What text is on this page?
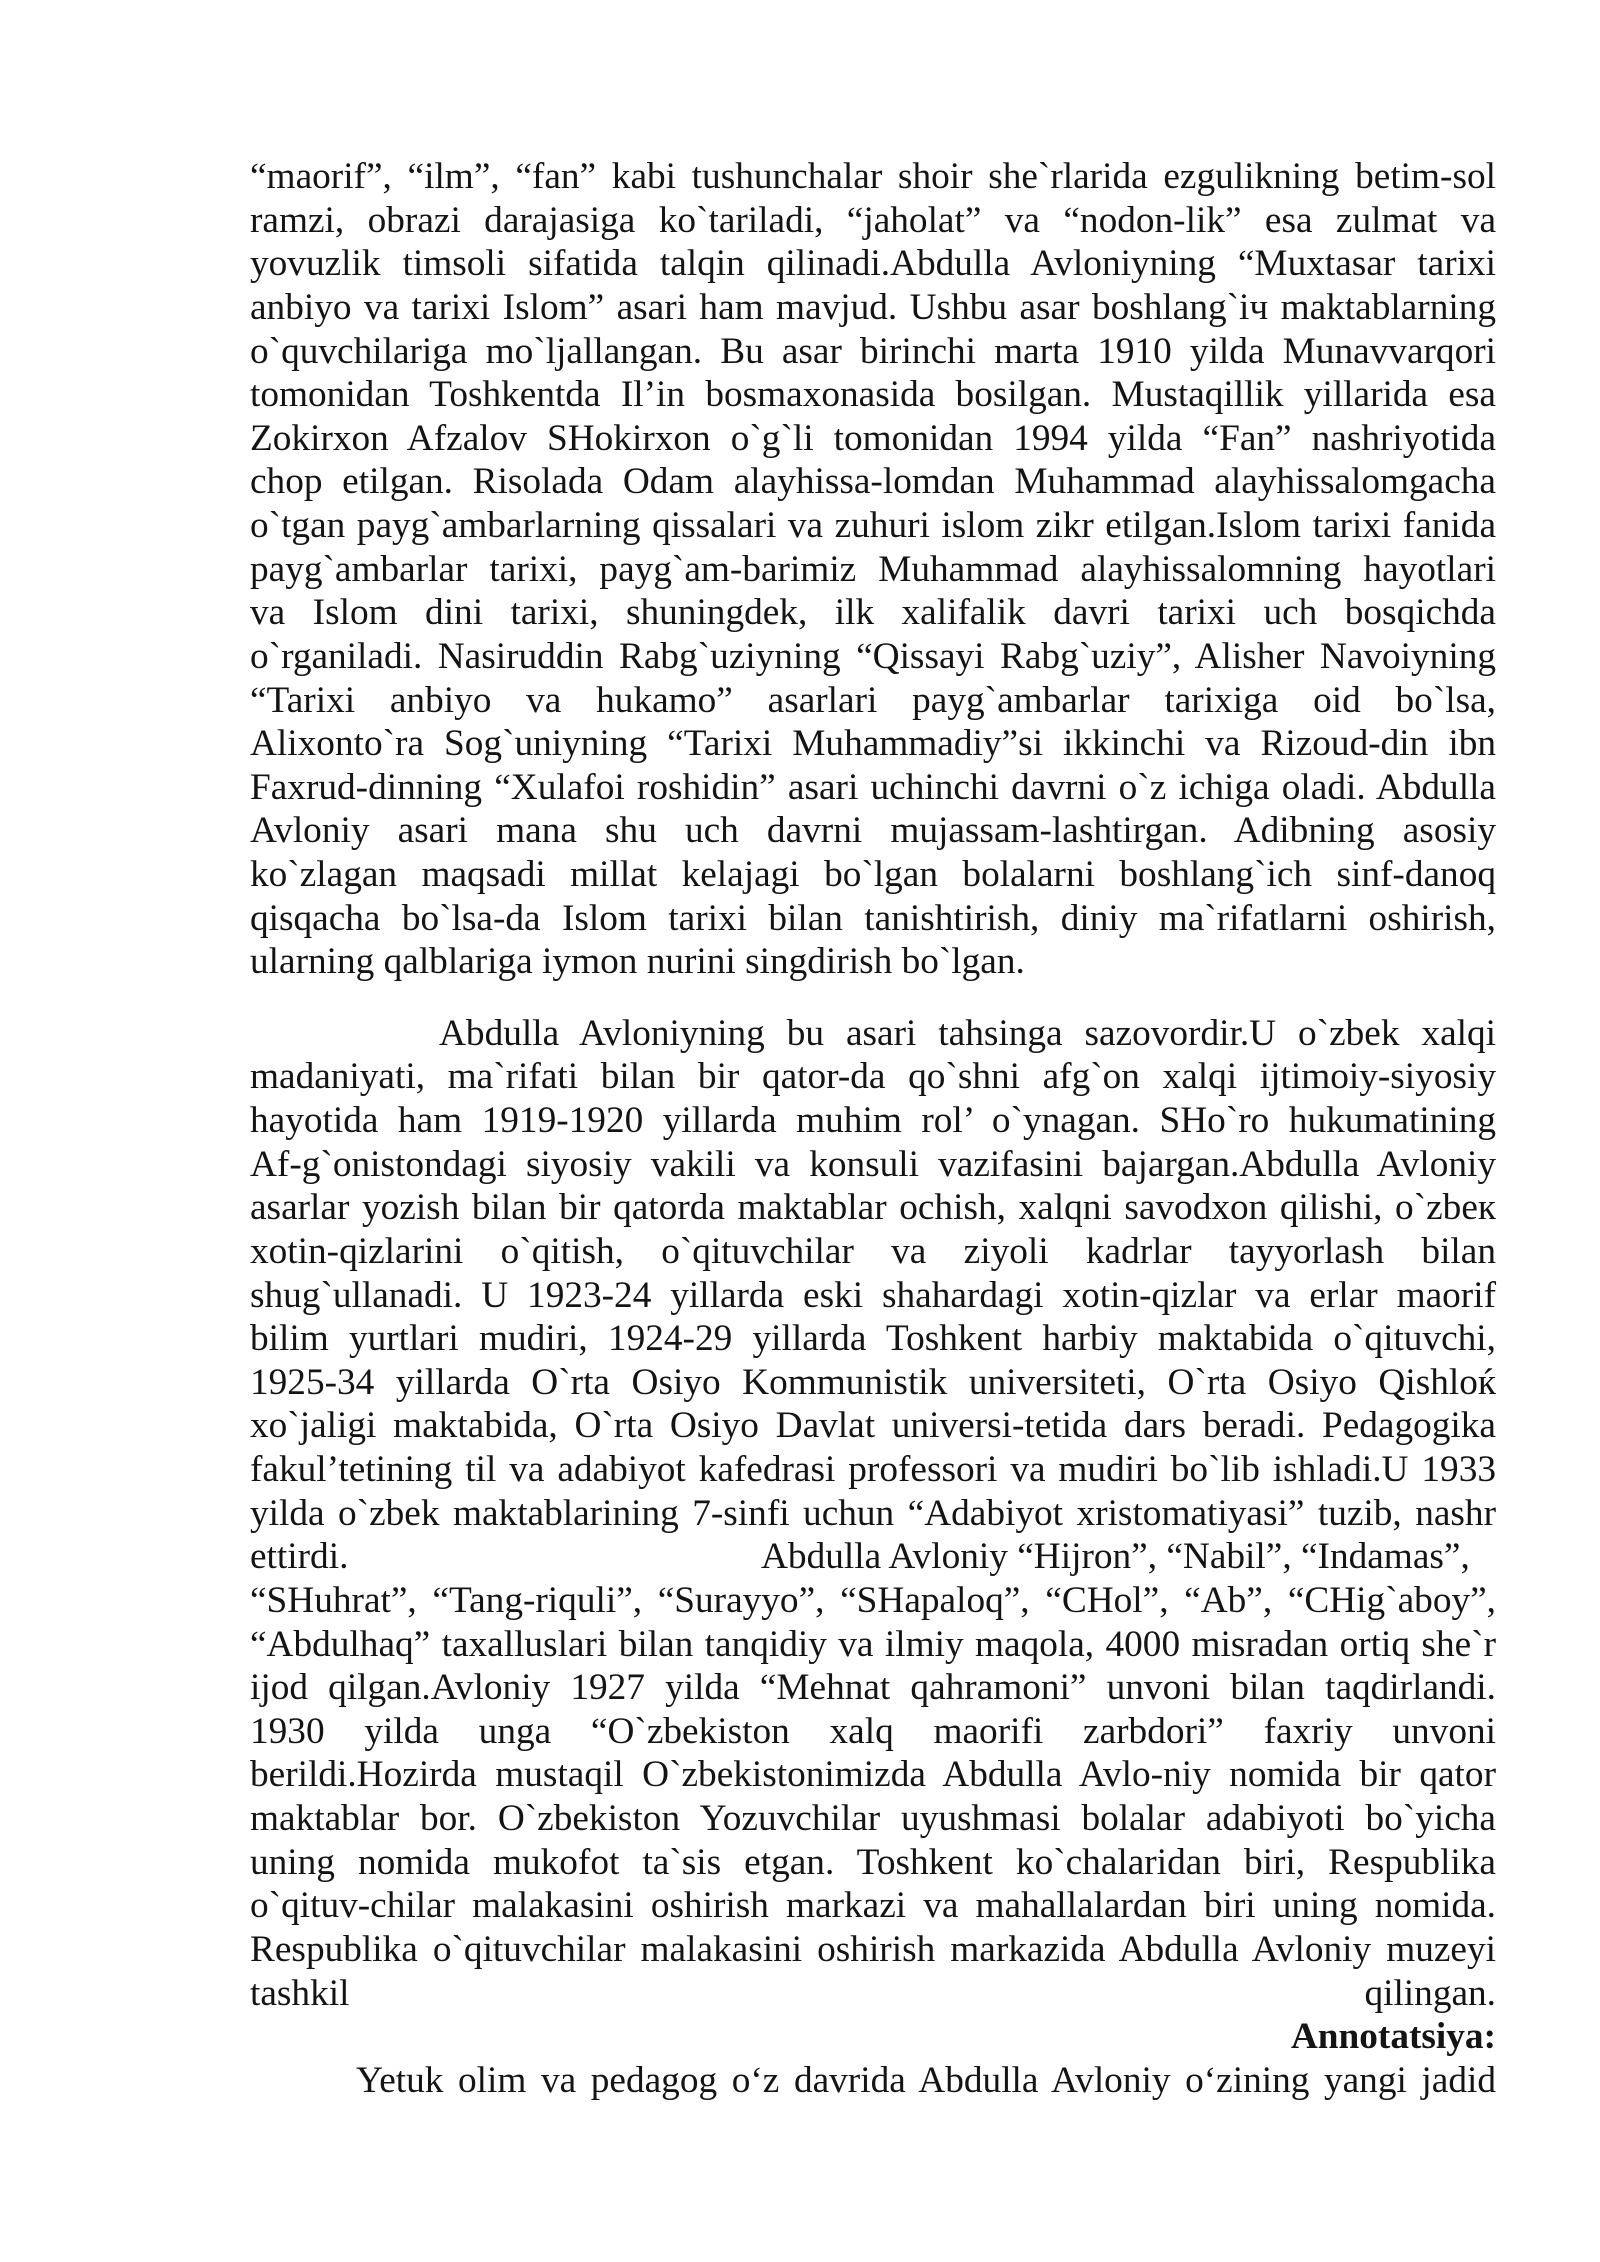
“maorif”, “ilm”, “fan” kabi tushunchalar shoir she`rlarida ezgulikning betim-sol
ramzi, obrazi darajasiga ko`tariladi, “jaholat” va “nodon-lik” esa zulmat va
yovuzlik timsoli sifatida talqin qilinadi.Abdulla Avloniyning “Muxtasar tarixi
anbiyo va tarixi Islom” asari ham mavjud. Ushbu asar boshlang`iч maktablarning
o`quvchilariga mo`ljallangan. Bu asar birinchi marta 1910 yilda Munavvarqori
tomonidan Toshkentda Il’in bosmaxonasida bosilgan. Mustaqillik yillarida esa
Zokirxon Afzalov SHokirxon o`g`li tomonidan 1994 yilda “Fan” nashriyotida
chop etilgan. Risolada Odam alayhissa-lomdan Muhammad alayhissalomgacha
o`tgan payg`ambarlarning qissalari va zuhuri islom zikr etilgan.Islom tarixi fanida
payg`ambarlar tarixi, payg`am-barimiz Muhammad alayhissalomning hayotlari
va Islom dini tarixi, shuningdek, ilk xalifalik davri tarixi uch bosqichda
o`rganiladi. Nasiruddin Rabg`uziyning “Qissayi Rabg`uziy”, Alisher Navoiyning
“Tarixi anbiyo va hukamo” asarlari payg`ambarlar tarixiga oid bo`lsa,
Alixonto`ra Sog`uniyning “Tarixi Muhammadiy”si ikkinchi va Rizoud-din ibn
Faxrud-dinning “Xulafoi roshidin” asari uchinchi davrni o`z ichiga oladi. Abdulla
Avloniy asari mana shu uch davrni mujassam-lashtirgan. Adibning asosiy
ko`zlagan maqsadi millat kelajagi bo`lgan bolalarni boshlang`ich sinf-danoq
qisqacha bo`lsa-da Islom tarixi bilan tanishtirish, diniy ma`rifatlarni oshirish,
ularning qalblariga iymon nurini singdirish bo`lgan.
Abdulla Avloniyning bu asari tahsinga sazovordir.U o`zbek xalqi
madaniyati, ma`rifati bilan bir qator-da qo`shni afg`on xalqi ijtimoiy-siyosiy
hayotida ham 1919-1920 yillarda muhim rol’ o`ynagan. SHo`ro hukumatining
Af-g`onistondagi siyosiy vakili va konsuli vazifasini bajargan.Abdulla Avloniy
asarlar yozish bilan bir qatorda maktablar ochish, xalqni savodxon qilishi, o`zbeк
xotin-qizlarini o`qitish, o`qituvchilar va ziyoli kadrlar tayyorlash bilan
shug`ullanadi. U 1923-24 yillarda eski shahardagi xotin-qizlar va erlar maorif
bilim yurtlari mudiri, 1924-29 yillarda Toshkent harbiy maktabida o`qituvchi,
1925-34 yillarda O`rta Osiyo Kommunistik universiteti, O`rta Osiyo Qishloќ
xo`jaligi maktabida, O`rta Osiyo Davlat universi-tetida dars beradi. Pedagogika
fakul’tetining til va adabiyot kafedrasi professori va mudiri bo`lib ishladi.U 1933
yilda o`zbek maktablarining 7-sinfi uchun “Adabiyot xristomatiyasi” tuzib, nashr
ettirdi.	Abdulla Avloniy “Hijron”, “Nabil”, “Indamas”,
“SHuhrat”, “Tang-riquli”, “Surayyo”, “SHapaloq”, “CHol”, “Ab”, “CHig`aboy”,
“Abdulhaq” taxalluslari bilan tanqidiy va ilmiy maqola, 4000 misradan ortiq she`r
ijod qilgan.Avloniy 1927 yilda “Mehnat qahramoni” unvoni bilan taqdirlandi.
1930 yilda unga “O`zbekiston xalq maorifi zarbdori” faxriy unvoni
berildi.Hozirda mustaqil O`zbekistonimizda Abdulla Avlo-niy nomida bir qator
maktablar bor. O`zbekiston Yozuvchilar uyushmasi bolalar adabiyoti bo`yicha
uning nomida mukofot ta`sis etgan. Toshkent ko`chalaridan biri, Respublika
o`qituv-chilar malakasini oshirish markazi va mahallalardan biri uning nomida.
Respublika o`qituvchilar malakasini oshirish markazida Abdulla Avloniy muzeyi
tashkil	qilingan.
Annotatsiya:
Yetuk olim va pedagog o‘z davrida Abdulla Avloniy o‘zining yangi jadid
